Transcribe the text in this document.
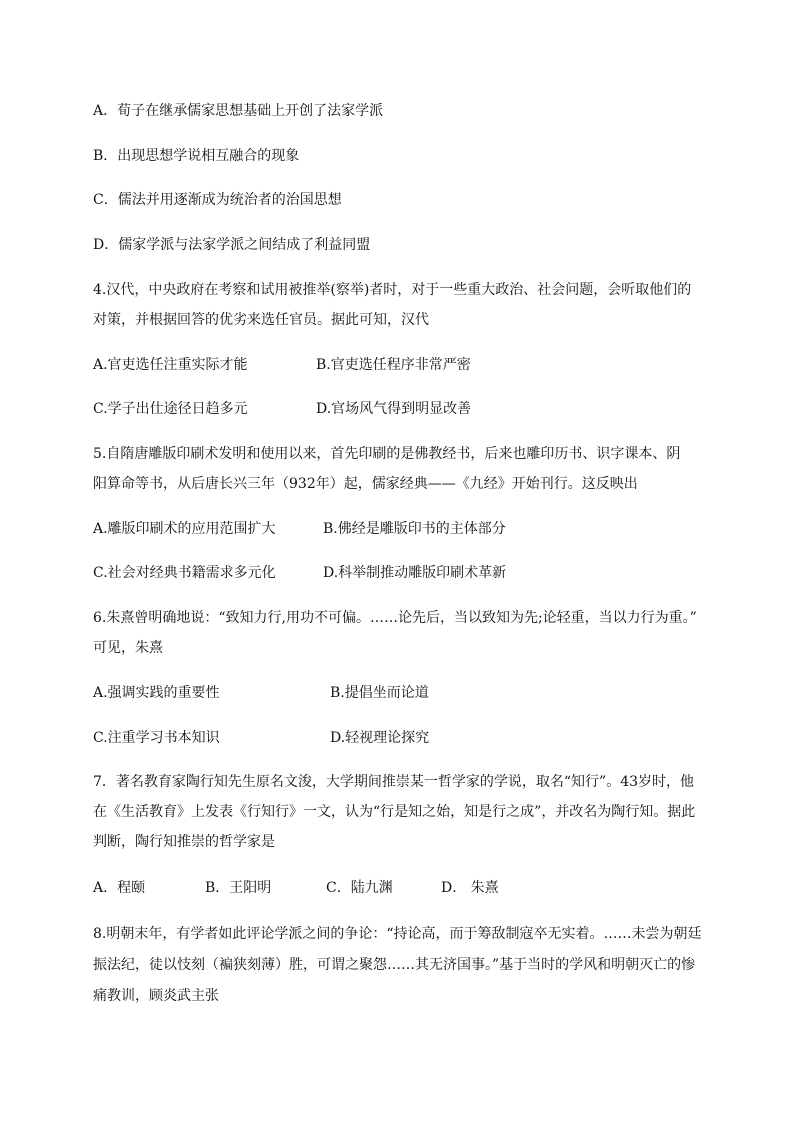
A．荀子在继承儒家思想基础上开创了法家学派
B．出现思想学说相互融合的现象
C．儒法并用逐渐成为统治者的治国思想
D．儒家学派与法家学派之间结成了利益同盟
4.汉代，中央政府在考察和试用被推举(察举)者时，对于一些重大政治、社会问题，会听取他们的
对策，并根据回答的优劣来选任官员。据此可知，汉代
A.官吏选任注重实际才能	B.官吏选任程序非常严密
C.学子出仕途径日趋多元	D.官场风气得到明显改善
5.自隋唐雕版印刷术发明和使用以来，首先印刷的是佛教经书，后来也雕印历书、识字课本、阴
阳算命等书，从后唐长兴三年（932年）起，儒家经典——《九经》开始刊行。这反映出
A.雕版印刷术的应用范围扩大	B.佛经是雕版印书的主体部分
C.社会对经典书籍需求多元化	D.科举制推动雕版印刷术革新
6.朱熹曾明确地说：“致知力行,用功不可偏。……论先后，当以致知为先;论轻重，当以力行为重。”
可见，朱熹
A.强调实践的重要性	B.提倡坐而论道
C.注重学习书本知识	D.轻视理论探究
7．著名教育家陶行知先生原名文浚，大学期间推崇某一哲学家的学说，取名“知行”。43岁时，他
在《生活教育》上发表《行知行》一文，认为“行是知之始，知是行之成”，并改名为陶行知。据此
判断，陶行知推崇的哲学家是
A．程颐	B．王阳明	C．陆九渊	D． 朱熹
8.明朝末年，有学者如此评论学派之间的争论：“持论高，而于筹敌制寇卒无实着。……未尝为朝廷
振法纪，徒以忮刻（褊狭刻薄）胜，可谓之聚怨……其无济国事。”基于当时的学风和明朝灭亡的惨
痛教训，顾炎武主张
